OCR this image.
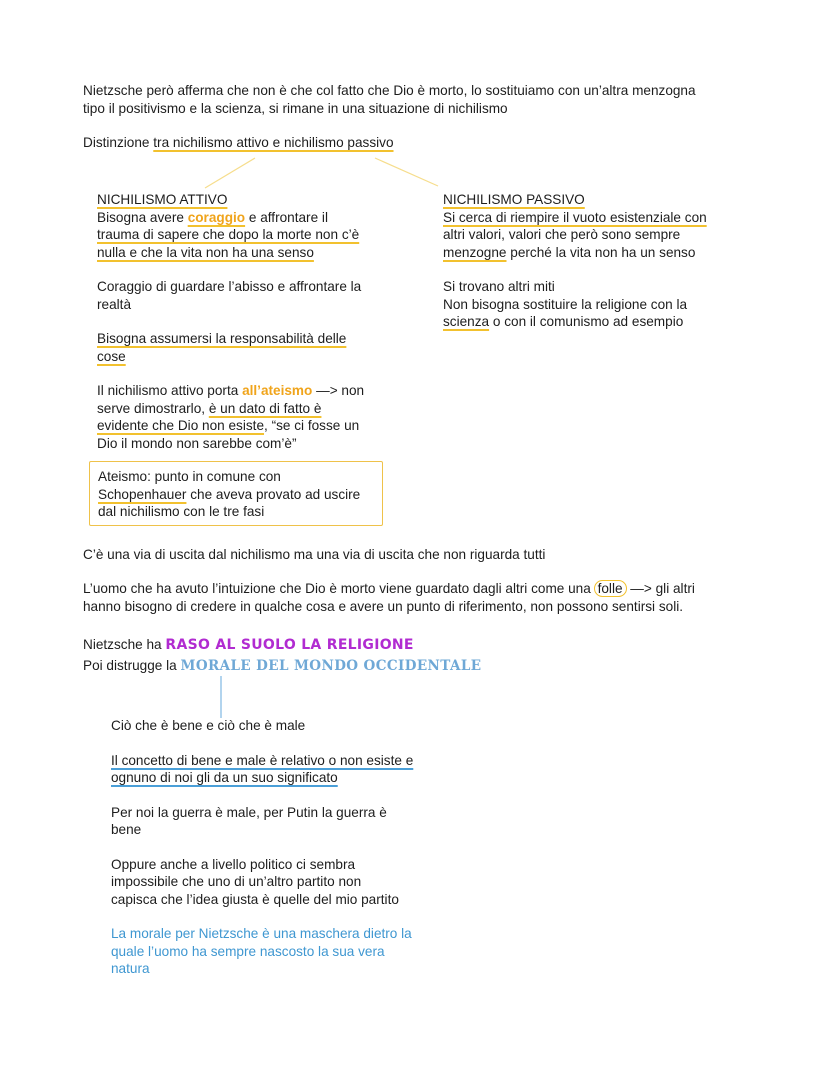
Nietzsche però afferma che non è che col fatto che Dio è morto, lo sostituiamo con un’altra menzogna

tipo il positivismo e la scienza, si rimane in una situazione di nichilismo

Distinzione tra nichilismo attivo e nichilismo passivo

NICHILISMO ATTIVO

Bisogna avere coraggio e affrontare il

trauma di sapere che dopo la morte non c’è

nulla e che la vita non ha una senso

Coraggio di guardare l’abisso e affrontare la

realtà

Bisogna assumersi la responsabilità delle

cose

Il nichilismo attivo porta all’ateismo —> non

serve dimostrarlo, è un dato di fatto è

evidente che Dio non esiste, “se ci fosse un

Dio il mondo non sarebbe com’è”

Ateismo: punto in comune con

Schopenhauer che aveva provato ad uscire

dal nichilismo con le tre fasi

NICHILISMO PASSIVO

Si cerca di riempire il vuoto esistenziale con

altri valori, valori che però sono sempre

menzogne perché la vita non ha un senso

Si trovano altri miti

Non bisogna sostituire la religione con la

scienza o con il comunismo ad esempio

C’è una via di uscita dal nichilismo ma una via di uscita che non riguarda tutti

L’uomo che ha avuto l’intuizione che Dio è morto viene guardato dagli altri come una folle —> gli altri

hanno bisogno di credere in qualche cosa e avere un punto di riferimento, non possono sentirsi soli.

Nietzsche ha RASO AL SUOLO LA RELIGIONE

Poi distrugge la MORALE DEL MONDO OCCIDENTALE

Ciò che è bene e ciò che è male

Il concetto di bene e male è relativo o non esiste e

ognuno di noi gli da un suo significato

Per noi la guerra è male, per Putin la guerra è

bene

Oppure anche a livello politico ci sembra

impossibile che uno di un’altro partito non

capisca che l’idea giusta è quelle del mio partito

La morale per Nietzsche è una maschera dietro la

quale l’uomo ha sempre nascosto la sua vera

natura
